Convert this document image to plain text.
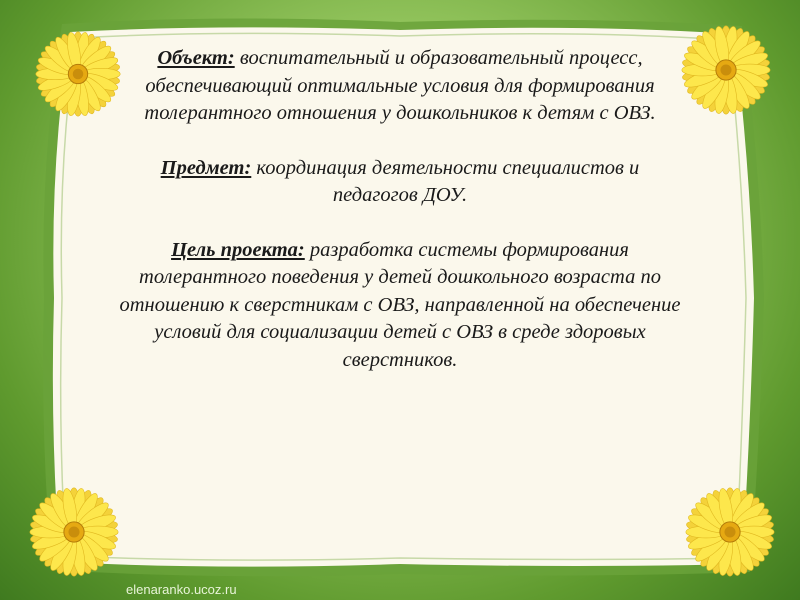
Объект: воспитательный и образовательный процесс, обеспечивающий оптимальные условия для формирования толерантного отношения у дошкольников к детям с ОВЗ.

Предмет: координация деятельности специалистов и педагогов ДОУ.

Цель проекта: разработка системы формирования толерантного поведения у детей дошкольного возраста по отношению к сверстникам с ОВЗ, направленной на обеспечение условий для социализации детей с ОВЗ в среде здоровых сверстников.

elenaranko.ucoz.ru
